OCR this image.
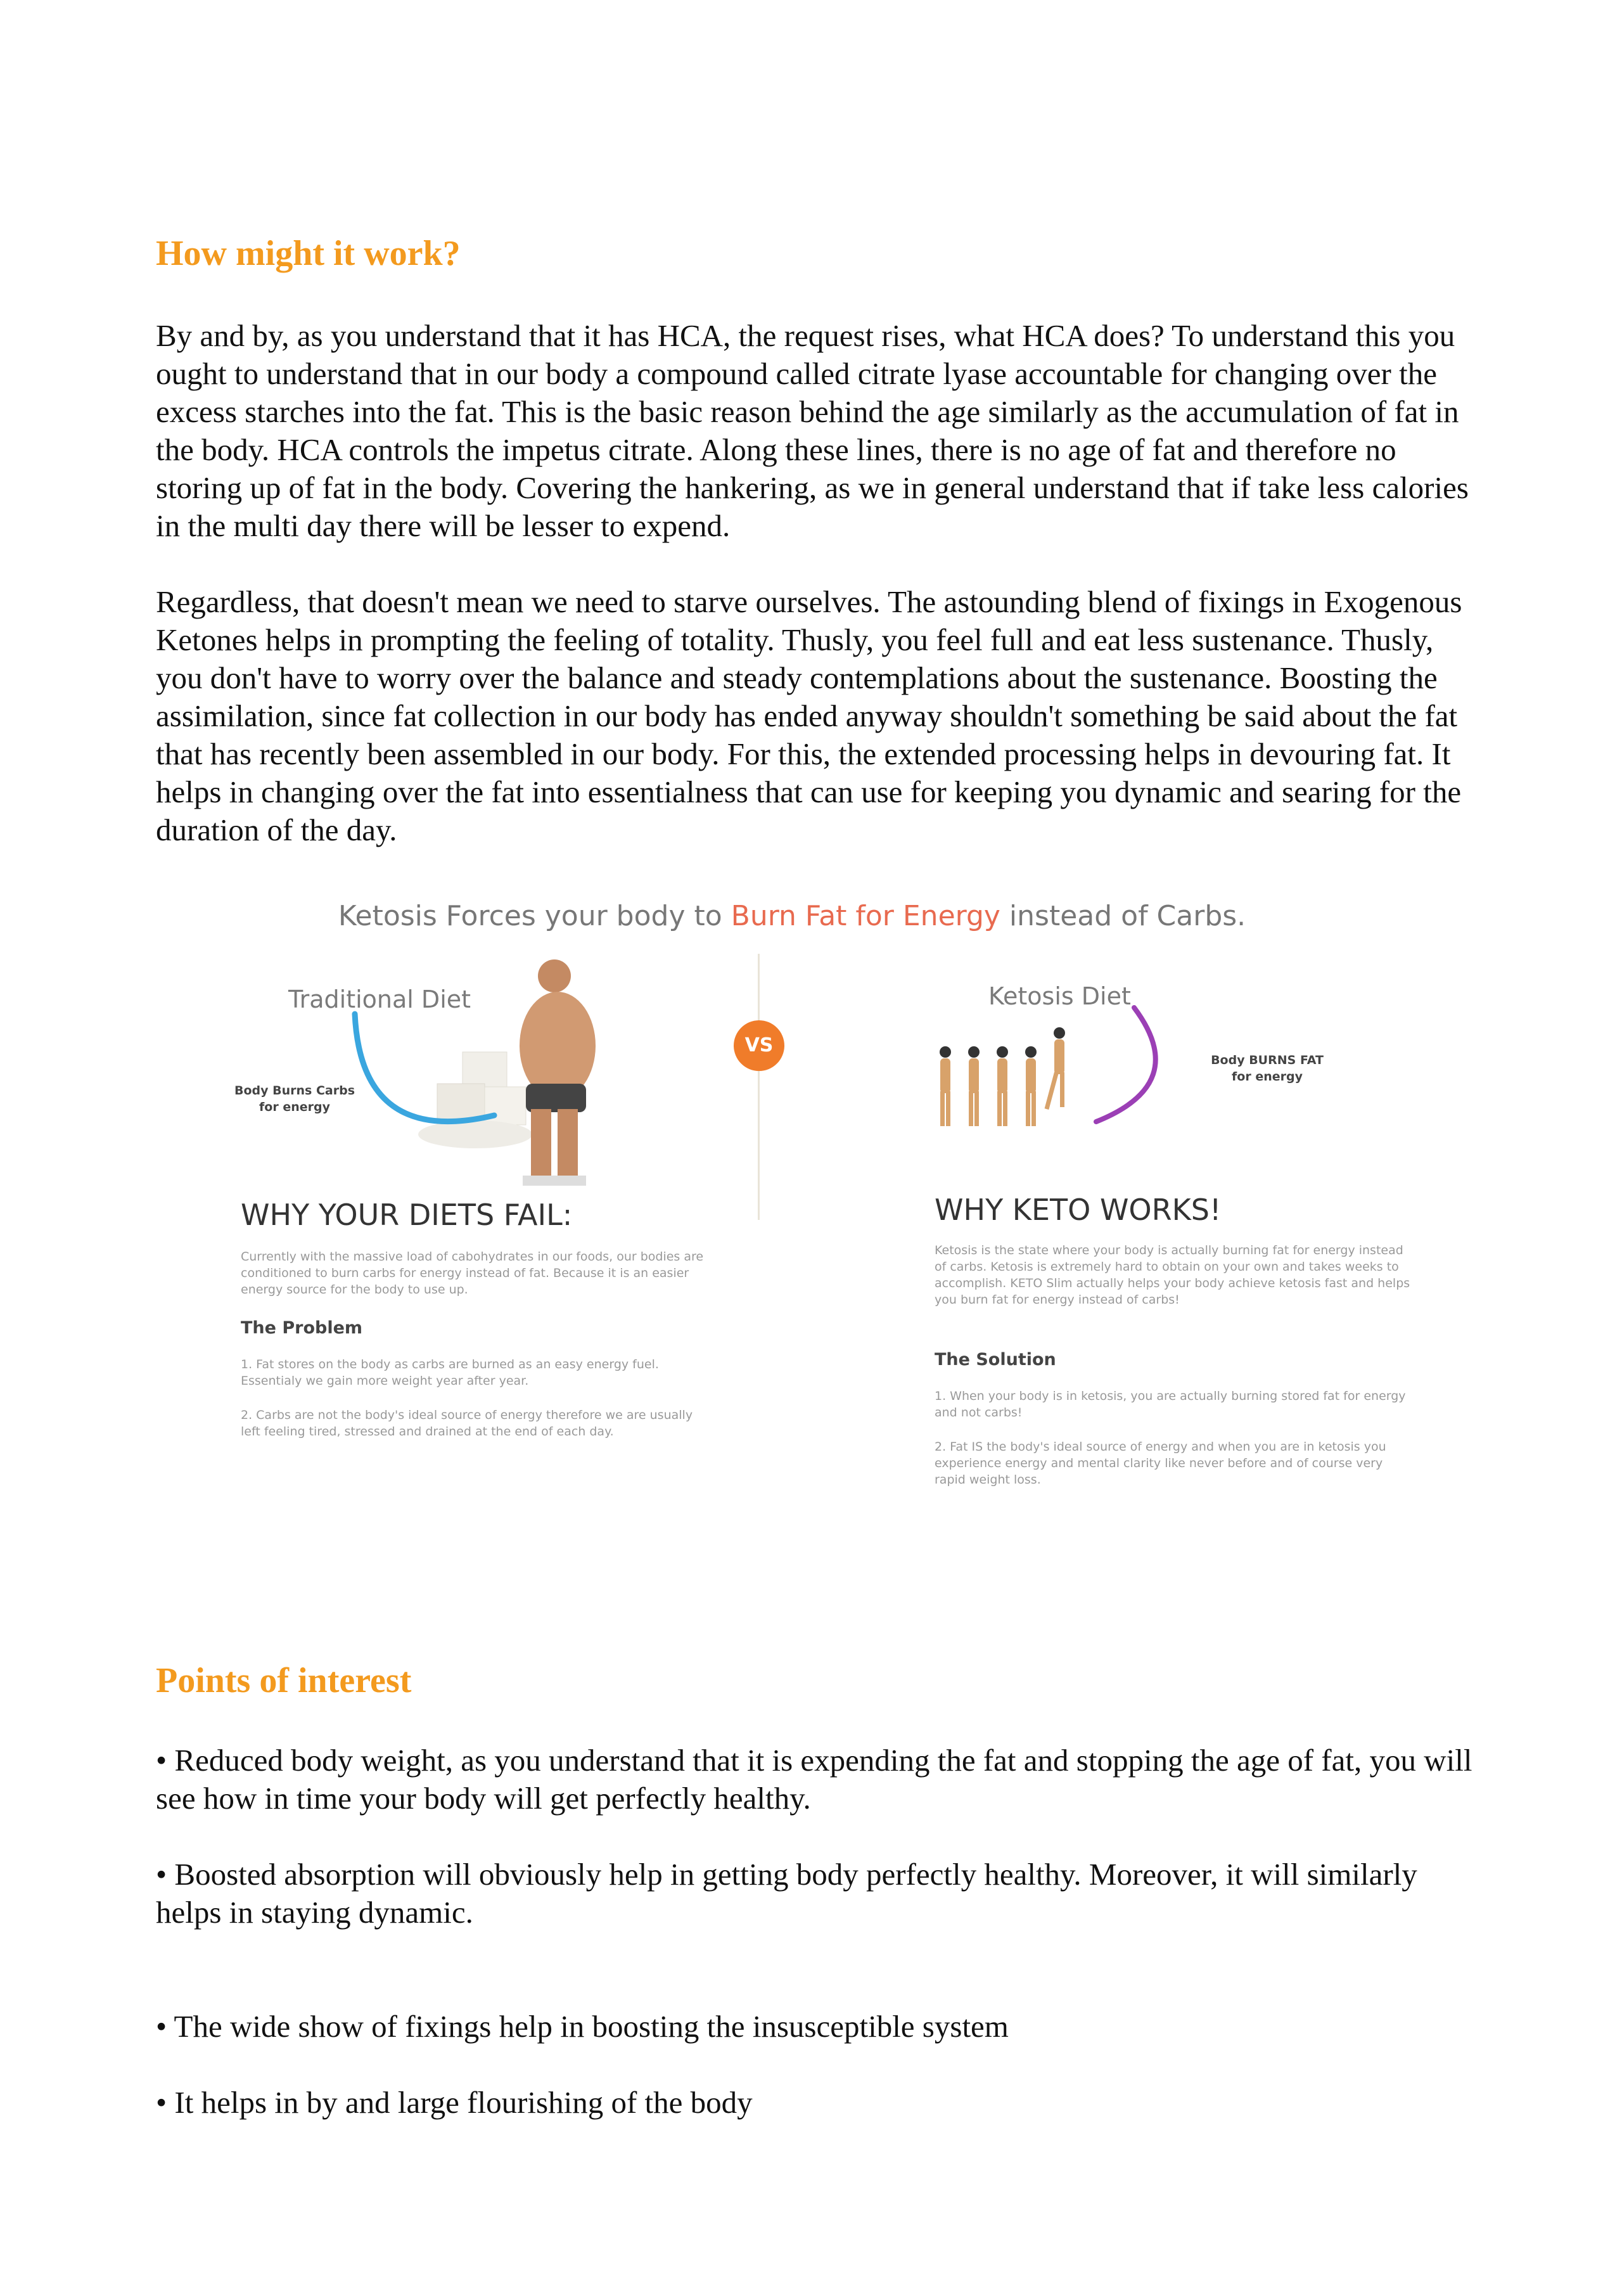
How might it work?

By and by, as you understand that it has HCA, the request rises, what HCA does? To understand this you ought to understand that in our body a compound called citrate lyase accountable for changing over the excess starches into the fat. This is the basic reason behind the age similarly as the accumulation of fat in the body. HCA controls the impetus citrate. Along these lines, there is no age of fat and therefore no storing up of fat in the body. Covering the hankering, as we in general understand that if take less calories in the multi day there will be lesser to expend.

Regardless, that doesn't mean we need to starve ourselves. The astounding blend of fixings in Exogenous Ketones helps in prompting the feeling of totality. Thusly, you feel full and eat less sustenance. Thusly, you don't have to worry over the balance and steady contemplations about the sustenance. Boosting the assimilation, since fat collection in our body has ended anyway shouldn't something be said about the fat that has recently been assembled in our body. For this, the extended processing helps in devouring fat. It helps in changing over the fat into essentialness that can use for keeping you dynamic and searing for the duration of the day.

Ketosis Forces your body to Burn Fat for Energy instead of Carbs.
Traditional Diet
Body Burns Carbs
for energy
VS
Ketosis Diet
Body BURNS FAT
for energy
WHY YOUR DIETS FAIL:
Currently with the massive load of cabohydrates in our foods, our bodies are conditioned to burn carbs for energy instead of fat. Because it is an easier energy source for the body to use up.
The Problem
1. Fat stores on the body as carbs are burned as an easy energy fuel. Essentialy we gain more weight year after year.
2. Carbs are not the body's ideal source of energy therefore we are usually left feeling tired, stressed and drained at the end of each day.
WHY KETO WORKS!
Ketosis is the state where your body is actually burning fat for energy instead of carbs. Ketosis is extremely hard to obtain on your own and takes weeks to accomplish. KETO Slim actually helps your body achieve ketosis fast and helps you burn fat for energy instead of carbs!
The Solution
1. When your body is in ketosis, you are actually burning stored fat for energy and not carbs!
2. Fat IS the body's ideal source of energy and when you are in ketosis you experience energy and mental clarity like never before and of course very rapid weight loss.
Points of interest

• Reduced body weight, as you understand that it is expending the fat and stopping the age of fat, you will see how in time your body will get perfectly healthy.

• Boosted absorption will obviously help in getting body perfectly healthy. Moreover, it will similarly helps in staying dynamic.

• The wide show of fixings help in boosting the insusceptible system

• It helps in by and large flourishing of the body
